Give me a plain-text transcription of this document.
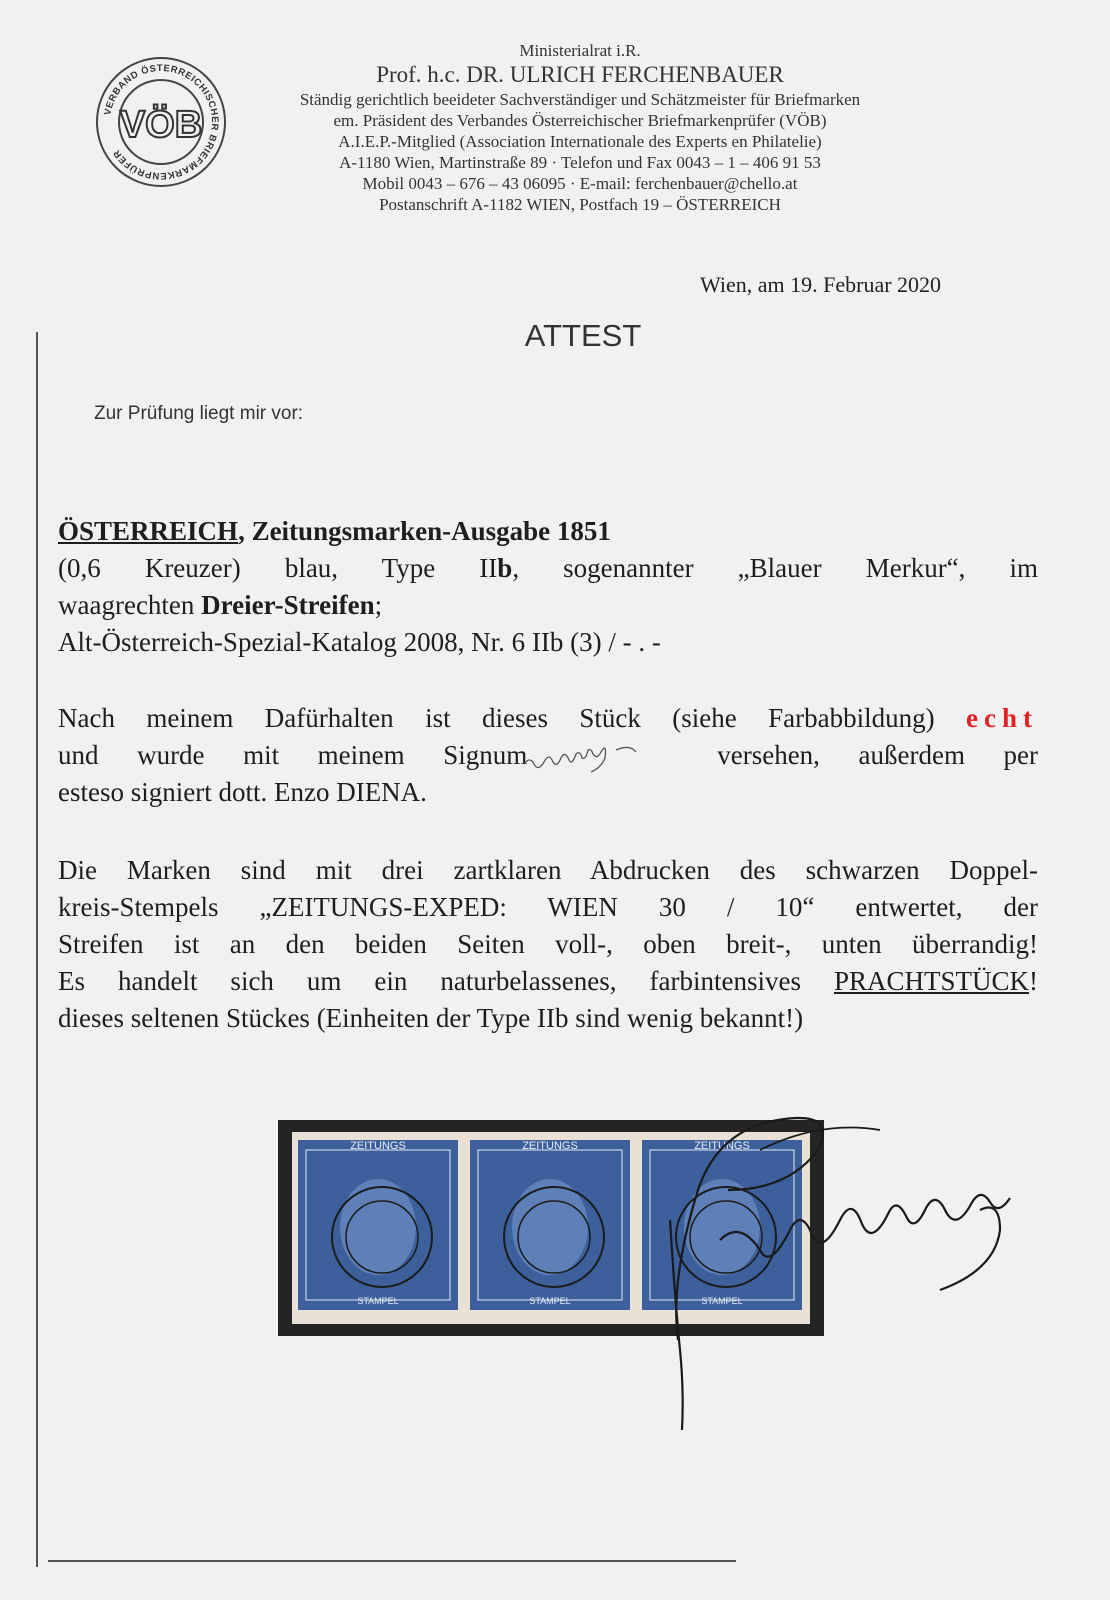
VERBAND ÖSTERREICHISCHER BRIEFMARKENPRÜFER
VÖB
Ministerialrat i.R.
Prof. h.c. DR. ULRICH FERCHENBAUER
Ständig gerichtlich beeideter Sachverständiger und Schätzmeister für Briefmarken
em. Präsident des Verbandes Österreichischer Briefmarkenprüfer (VÖB)
A.I.E.P.-Mitglied (Association Internationale des Experts en Philatelie)
A-1180 Wien, Martinstraße 89 · Telefon und Fax 0043 – 1 – 406 91 53
Mobil 0043 – 676 – 43 06095 · E-mail: ferchenbauer@chello.at
Postanschrift A-1182 WIEN, Postfach 19 – ÖSTERREICH
Wien, am 19. Februar 2020
ATTEST
Zur Prüfung liegt mir vor:
ÖSTERREICH, Zeitungsmarken-Ausgabe 1851
(0,6 Kreuzer) blau, Type IIb, sogenannter „Blauer Merkur“, im
waagrechten Dreier-Streifen;
Alt-Österreich-Spezial-Katalog 2008, Nr. 6 IIb (3) / - . -
Nach meinem Dafürhalten ist dieses Stück (siehe Farbabbildung) echt
und wurde mit meinem Signum	versehen, außerdem per
esteso signiert dott. Enzo DIENA.
Die Marken sind mit drei zartklaren Abdrucken des schwarzen Doppel-
kreis-Stempels „ZEITUNGS-EXPED: WIEN 30 / 10“ entwertet, der
Streifen ist an den beiden Seiten voll-, oben breit-, unten überrandig!
Es handelt sich um ein naturbelassenes, farbintensives PRACHTSTÜCK!
dieses seltenen Stückes (Einheiten der Type IIb sind wenig bekannt!)
ZEITUNGS
STAMPEL
ZEITUNGS
STAMPEL
ZEITUNGS
STAMPEL
